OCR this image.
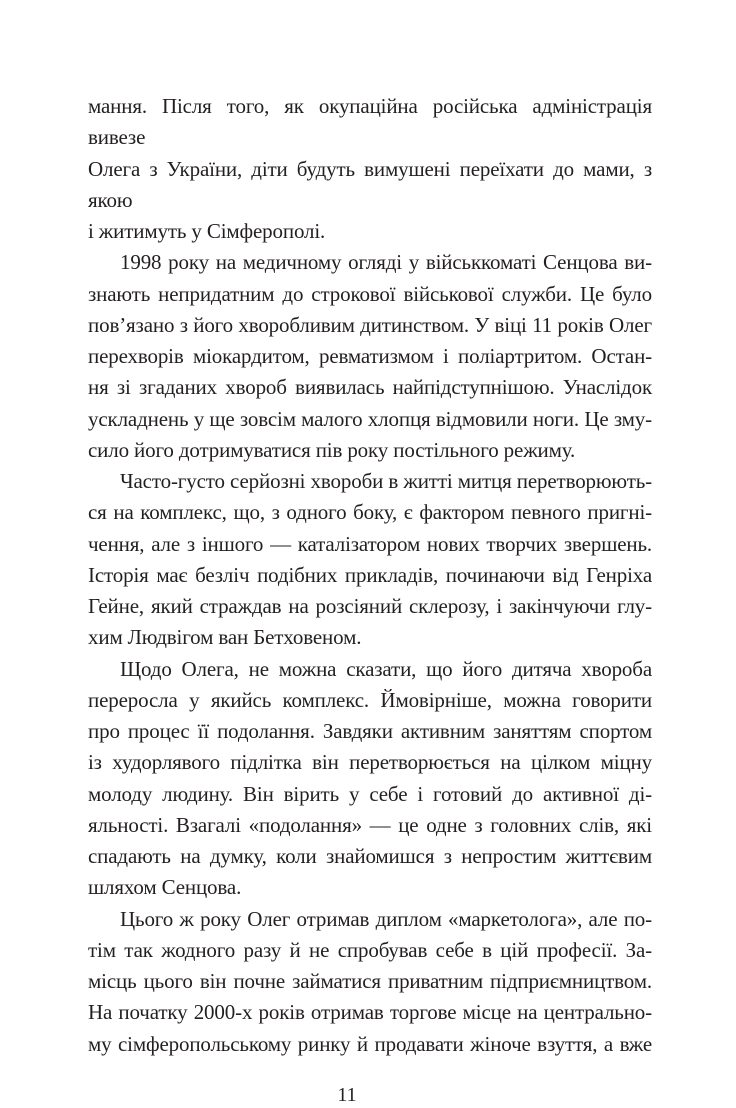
мання. Після того, як окупаційна російська адміністрація вивезе
Олега з України, діти будуть вимушені переїхати до мами, з якою
і житимуть у Сімферополі.
1998 року на медичному огляді у військкоматі Сенцова ви-
знають непридатним до строкової військової служби. Це було
пов’язано з його хворобливим дитинством. У віці 11 років Олег
перехворів міокардитом, ревматизмом і поліартритом. Остан-
ня зі згаданих хвороб виявилась найпідступнішою. Унаслідок
ускладнень у ще зовсім малого хлопця відмовили ноги. Це зму-
сило його дотримуватися пів року постільного режиму.
Часто-густо серйозні хвороби в житті митця перетворюють-
ся на комплекс, що, з одного боку, є фактором певного пригні-
чення, але з іншого — каталізатором нових творчих звершень.
Історія має безліч подібних прикладів, починаючи від Генріха
Гейне, який страждав на розсіяний склерозу, і закінчуючи глу-
хим Людвігом ван Бетховеном.
Щодо Олега, не можна сказати, що його дитяча хвороба
переросла у якийсь комплекс. Ймовірніше, можна говорити
про процес її подолання. Завдяки активним заняттям спортом
із худорлявого підлітка він перетворюється на цілком міцну
молоду людину. Він вірить у себе і готовий до активної ді-
яльності. Взагалі «подолання» — це одне з головних слів, які
спадають на думку, коли знайомишся з непростим життєвим
шляхом Сенцова.
Цього ж року Олег отримав диплом «маркетолога», але по-
тім так жодного разу й не спробував себе в цій професії. За-
місць цього він почне займатися приватним підприємництвом.
На початку 2000-х років отримав торгове місце на центрально-
му сімферопольському ринку й продавати жіноче взуття, а вже
11
